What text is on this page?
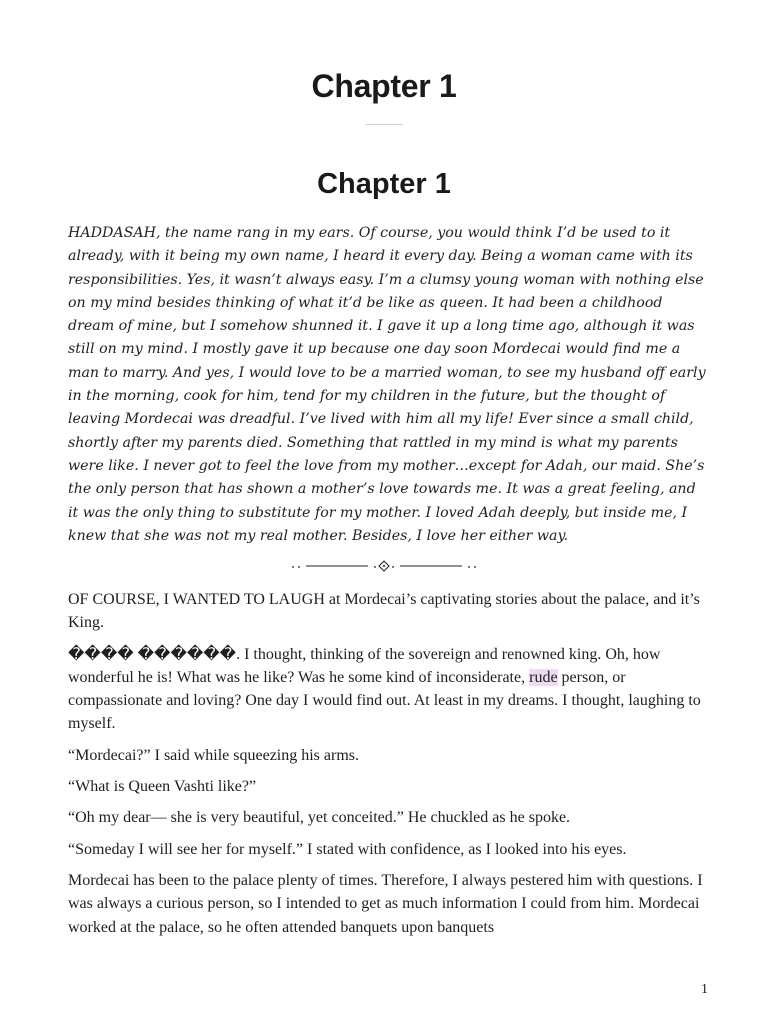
Chapter 1
Chapter 1

HADDASAH, the name rang in my ears. Of course, you would think I’d be used to it already, with it being my own name, I heard it every day. Being a woman came with its responsibilities. Yes, it wasn’t always easy. I’m a clumsy young woman with nothing else on my mind besides thinking of what it’d be like as queen. It had been a childhood dream of mine, but I somehow shunned it. I gave it up a long time ago, although it was still on my mind. I mostly gave it up because one day soon Mordecai would find me a man to marry. And yes, I would love to be a married woman, to see my husband off early in the morning, cook for him, tend for my children in the future, but the thought of leaving Mordecai was dreadful. I’ve lived with him all my life! Ever since a small child, shortly after my parents died. Something that rattled in my mind is what my parents were like. I never got to feel the love from my mother…except for Adah, our maid. She’s the only person that has shown a mother’s love towards me. It was a great feeling, and it was the only thing to substitute for my mother. I loved Adah deeply, but inside me, I knew that she was not my real mother. Besides, I love her either way.

OF COURSE, I WANTED TO LAUGH at Mordecai’s captivating stories about the palace, and it’s King.

���� ������. I thought, thinking of the sovereign and renowned king. Oh, how wonderful he is! What was he like? Was he some kind of inconsiderate, rude person, or compassionate and loving? One day I would find out. At least in my dreams. I thought, laughing to myself.

“Mordecai?” I said while squeezing his arms.

“What is Queen Vashti like?”

“Oh my dear— she is very beautiful, yet conceited.” He chuckled as he spoke.

“Someday I will see her for myself.” I stated with confidence, as I looked into his eyes.

Mordecai has been to the palace plenty of times. Therefore, I always pestered him with questions. I was always a curious person, so I intended to get as much information I could from him. Mordecai worked at the palace, so he often attended banquets upon banquets

1
